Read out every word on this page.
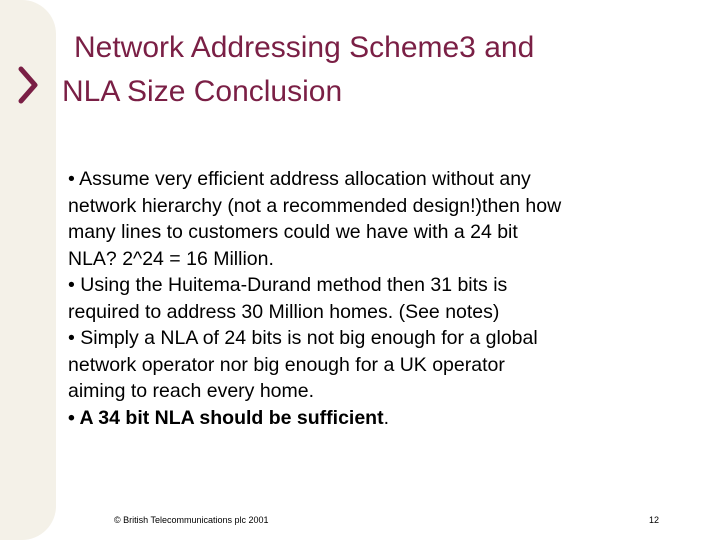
Network Addressing Scheme3 and
NLA Size Conclusion
• Assume very efficient address allocation without any
network hierarchy (not a recommended design!)then how
many lines to customers could we have with a 24 bit
NLA? 2^24 = 16 Million.
• Using the Huitema-Durand method then 31 bits is
required to address 30 Million homes. (See notes)
• Simply a NLA of 24 bits is not big enough for a global
network operator nor big enough for a UK operator
aiming to reach every home.
• A 34 bit NLA should be sufficient.
© British Telecommunications plc 2001	12
